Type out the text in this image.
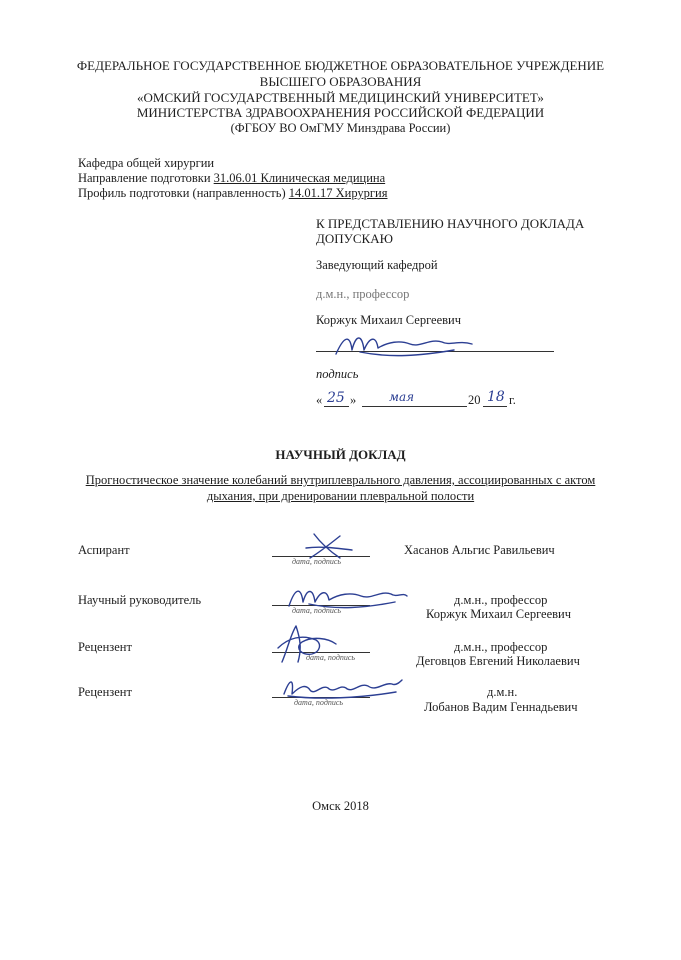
ФЕДЕРАЛЬНОЕ ГОСУДАРСТВЕННОЕ БЮДЖЕТНОЕ ОБРАЗОВАТЕЛЬНОЕ УЧРЕЖДЕНИЕ
ВЫСШЕГО ОБРАЗОВАНИЯ
«ОМСКИЙ ГОСУДАРСТВЕННЫЙ МЕДИЦИНСКИЙ УНИВЕРСИТЕТ»
МИНИСТЕРСТВА ЗДРАВООХРАНЕНИЯ РОССИЙСКОЙ ФЕДЕРАЦИИ
(ФГБОУ ВО ОмГМУ Минздрава России)
Кафедра общей хирургии
Направление подготовки 31.06.01 Клиническая медицина
Профиль подготовки (направленность) 14.01.17 Хирургия
К ПРЕДСТАВЛЕНИЮ НАУЧНОГО ДОКЛАДА
ДОПУСКАЮ
Заведующий кафедрой
д.м.н., профессор
Коржук Михаил Сергеевич
подпись
« 25 »	мая	20 18 г.
НАУЧНЫЙ ДОКЛАД
Прогностическое значение колебаний внутриплеврального давления, ассоциированных с актом
дыхания, при дренировании плевральной полости
Аспирант
дата, подпись
Хасанов Альгис Равильевич
Научный руководитель
дата, подпись
д.м.н., профессор
Коржук Михаил Сергеевич
Рецензент
дата, подпись
д.м.н., профессор
Деговцов Евгений Николаевич
Рецензент
дата, подпись
д.м.н.
Лобанов Вадим Геннадьевич
Омск 2018
